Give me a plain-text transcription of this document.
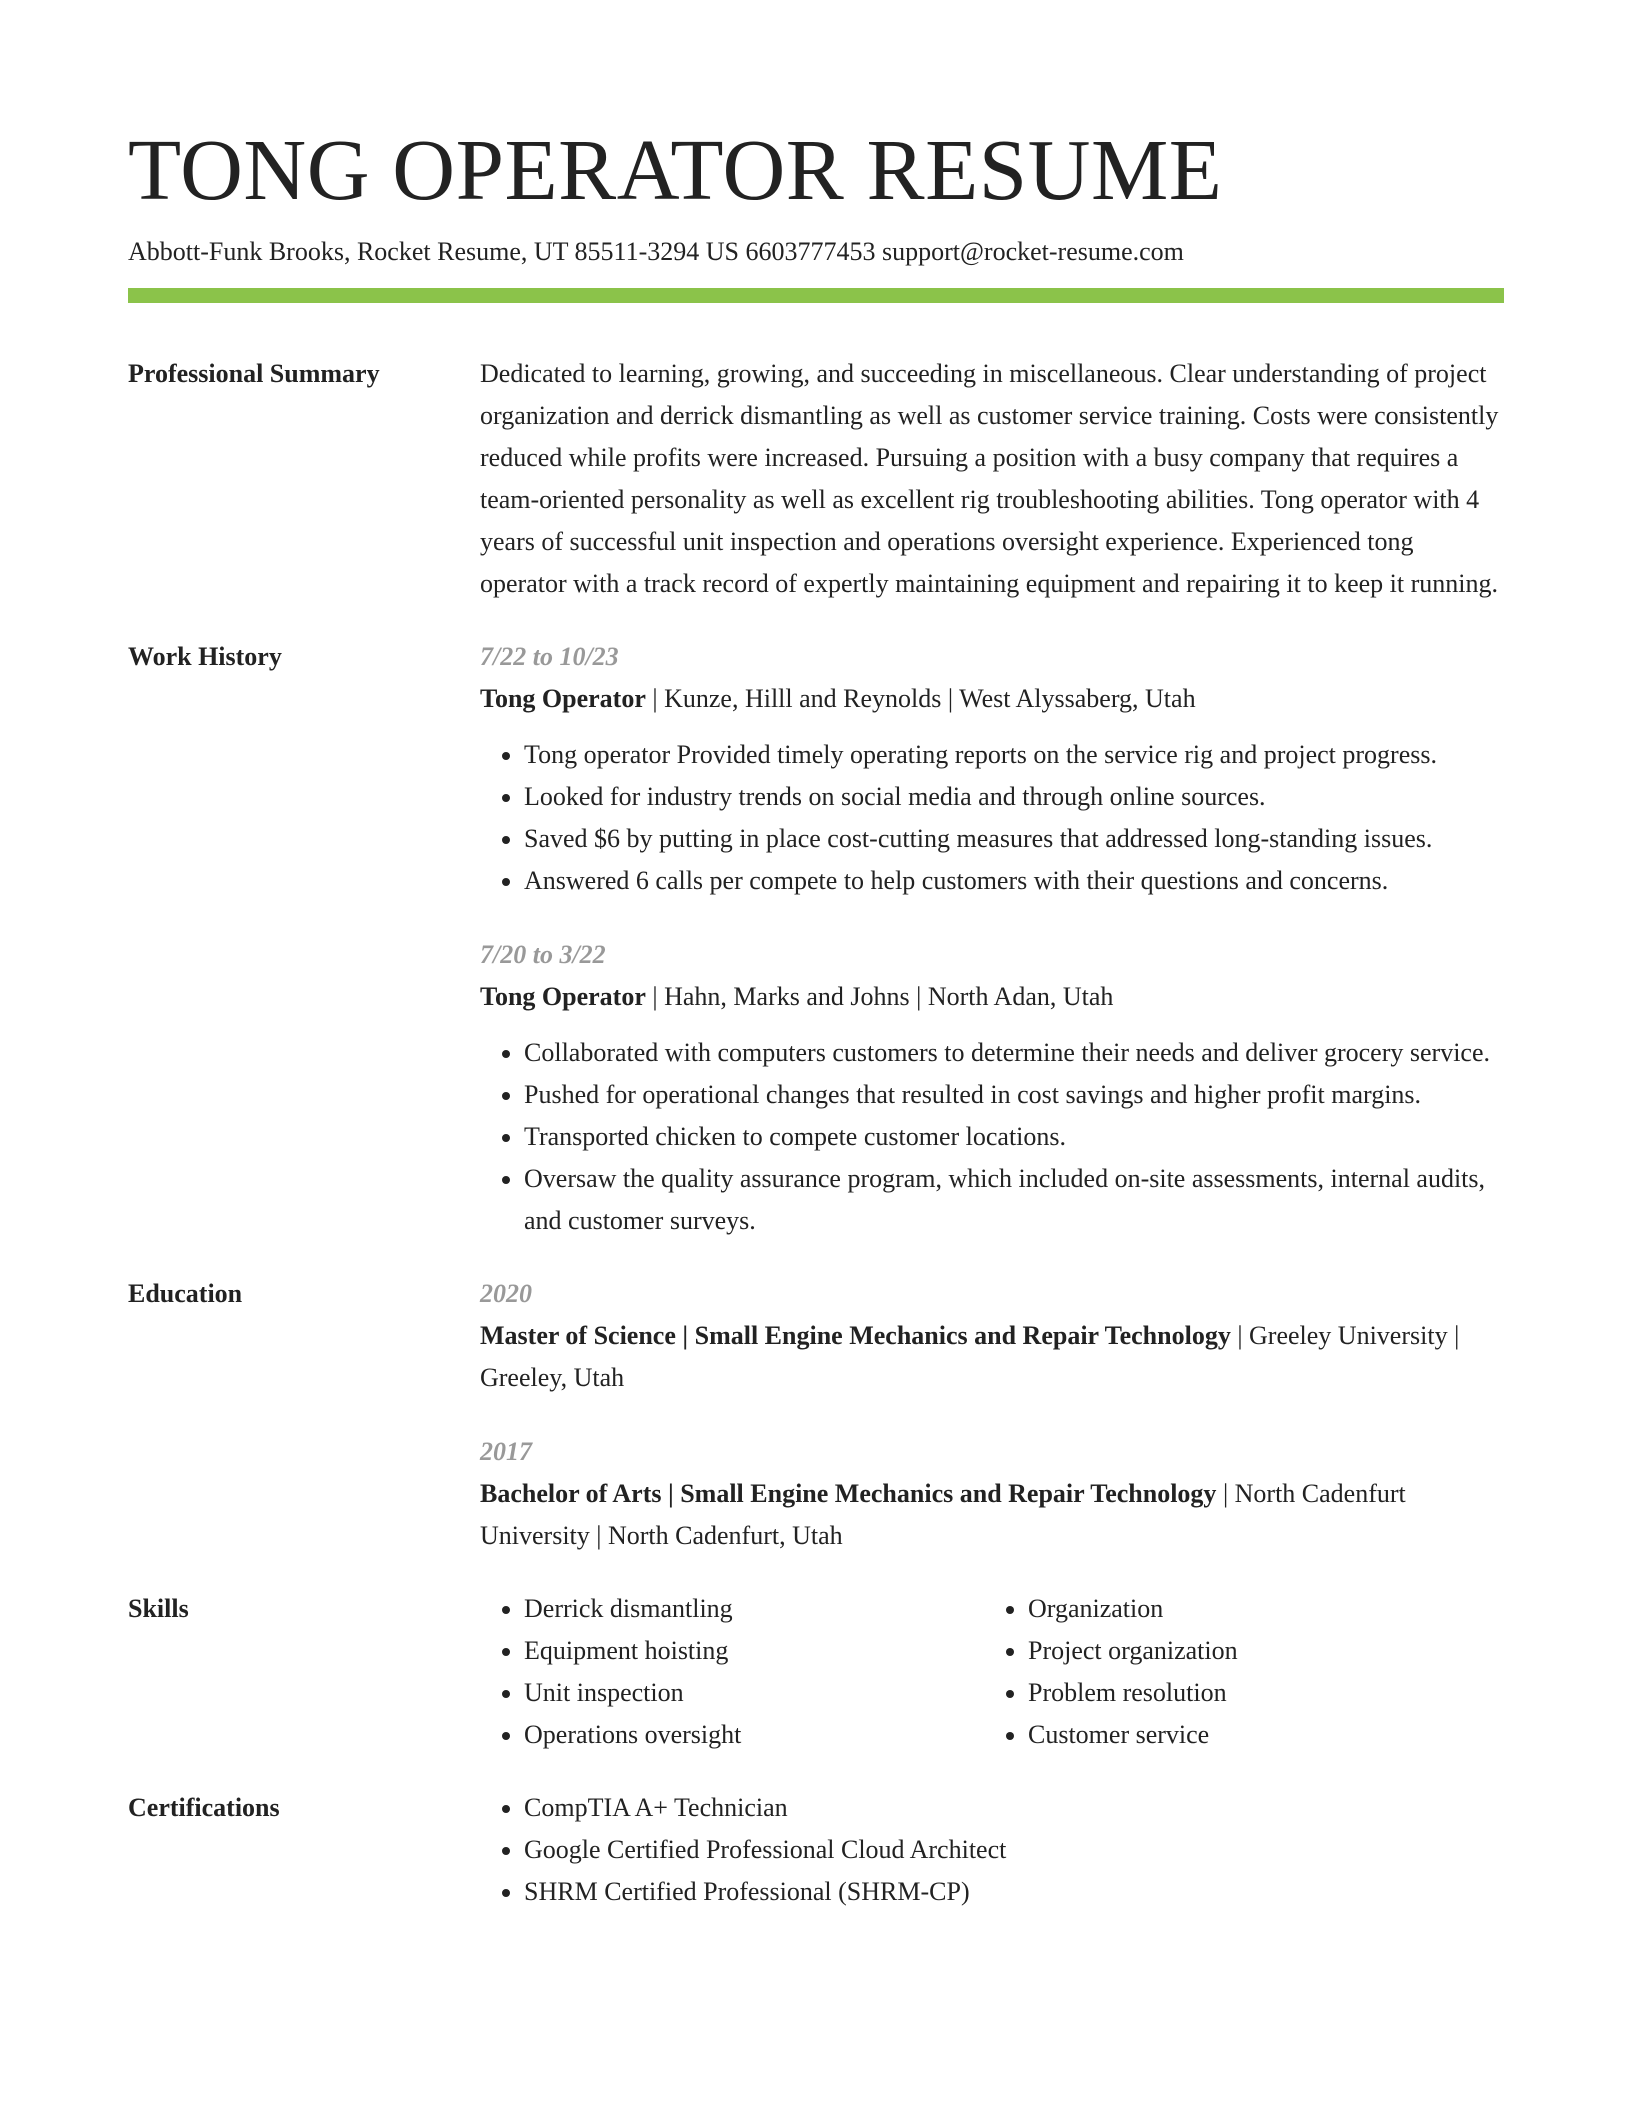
TONG OPERATOR RESUME
Abbott-Funk Brooks, Rocket Resume, UT 85511-3294 US 6603777453 support@rocket-resume.com
Professional Summary	Dedicated to learning, growing, and succeeding in miscellaneous. Clear understanding of project organization and derrick dismantling as well as customer service training. Costs were consistently reduced while profits were increased. Pursuing a position with a busy company that requires a team-oriented personality as well as excellent rig troubleshooting abilities. Tong operator with 4 years of successful unit inspection and operations oversight experience. Experienced tong operator with a track record of expertly maintaining equipment and repairing it to keep it running.
Work History	7/22 to 10/23
Tong Operator | Kunze, Hilll and Reynolds | West Alyssaberg, Utah
• Tong operator Provided timely operating reports on the service rig and project progress.
• Looked for industry trends on social media and through online sources.
• Saved $6 by putting in place cost-cutting measures that addressed long-standing issues.
• Answered 6 calls per compete to help customers with their questions and concerns.
7/20 to 3/22
Tong Operator | Hahn, Marks and Johns | North Adan, Utah
• Collaborated with computers customers to determine their needs and deliver grocery service.
• Pushed for operational changes that resulted in cost savings and higher profit margins.
• Transported chicken to compete customer locations.
• Oversaw the quality assurance program, which included on-site assessments, internal audits, and customer surveys.
Education	2020
Master of Science | Small Engine Mechanics and Repair Technology | Greeley University | Greeley, Utah
2017
Bachelor of Arts | Small Engine Mechanics and Repair Technology | North Cadenfurt University | North Cadenfurt, Utah
Skills	• Derrick dismantling
• Equipment hoisting
• Unit inspection
• Operations oversight
• Organization
• Project organization
• Problem resolution
• Customer service
Certifications	• CompTIA A+ Technician
• Google Certified Professional Cloud Architect
• SHRM Certified Professional (SHRM-CP)
